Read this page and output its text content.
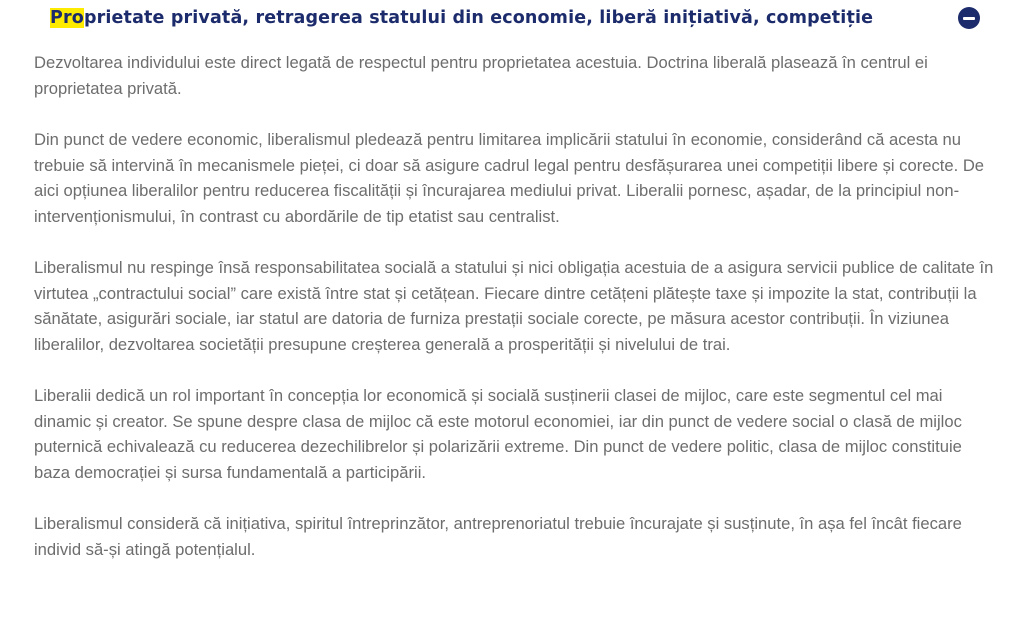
Proprietate privată, retragerea statului din economie, liberă inițiativă, competiție

Dezvoltarea individului este direct legată de respectul pentru proprietatea acestuia. Doctrina liberală plasează în centrul ei proprietatea privată.

Din punct de vedere economic, liberalismul pledează pentru limitarea implicării statului în economie, considerând că acesta nu trebuie să intervină în mecanismele pieței, ci doar să asigure cadrul legal pentru desfășurarea unei competiții libere și corecte. De aici opțiunea liberalilor pentru reducerea fiscalității și încurajarea mediului privat. Liberalii pornesc, așadar, de la principiul non-intervenționismului, în contrast cu abordările de tip etatist sau centralist.

Liberalismul nu respinge însă responsabilitatea socială a statului și nici obligația acestuia de a asigura servicii publice de calitate în virtutea „contractului social” care există între stat și cetățean. Fiecare dintre cetățeni plătește taxe și impozite la stat, contribuții la sănătate, asigurări sociale, iar statul are datoria de furniza prestații sociale corecte, pe măsura acestor contribuții. În viziunea liberalilor, dezvoltarea societății presupune creșterea generală a prosperității și nivelului de trai.

Liberalii dedică un rol important în concepția lor economică și socială susținerii clasei de mijloc, care este segmentul cel mai dinamic și creator. Se spune despre clasa de mijloc că este motorul economiei, iar din punct de vedere social o clasă de mijloc puternică echivalează cu reducerea dezechilibrelor și polarizării extreme. Din punct de vedere politic, clasa de mijloc constituie baza democrației și sursa fundamentală a participării.

Liberalismul consideră că inițiativa, spiritul întreprinzător, antreprenoriatul trebuie încurajate și susținute, în așa fel încât fiecare individ să-și atingă potențialul.
